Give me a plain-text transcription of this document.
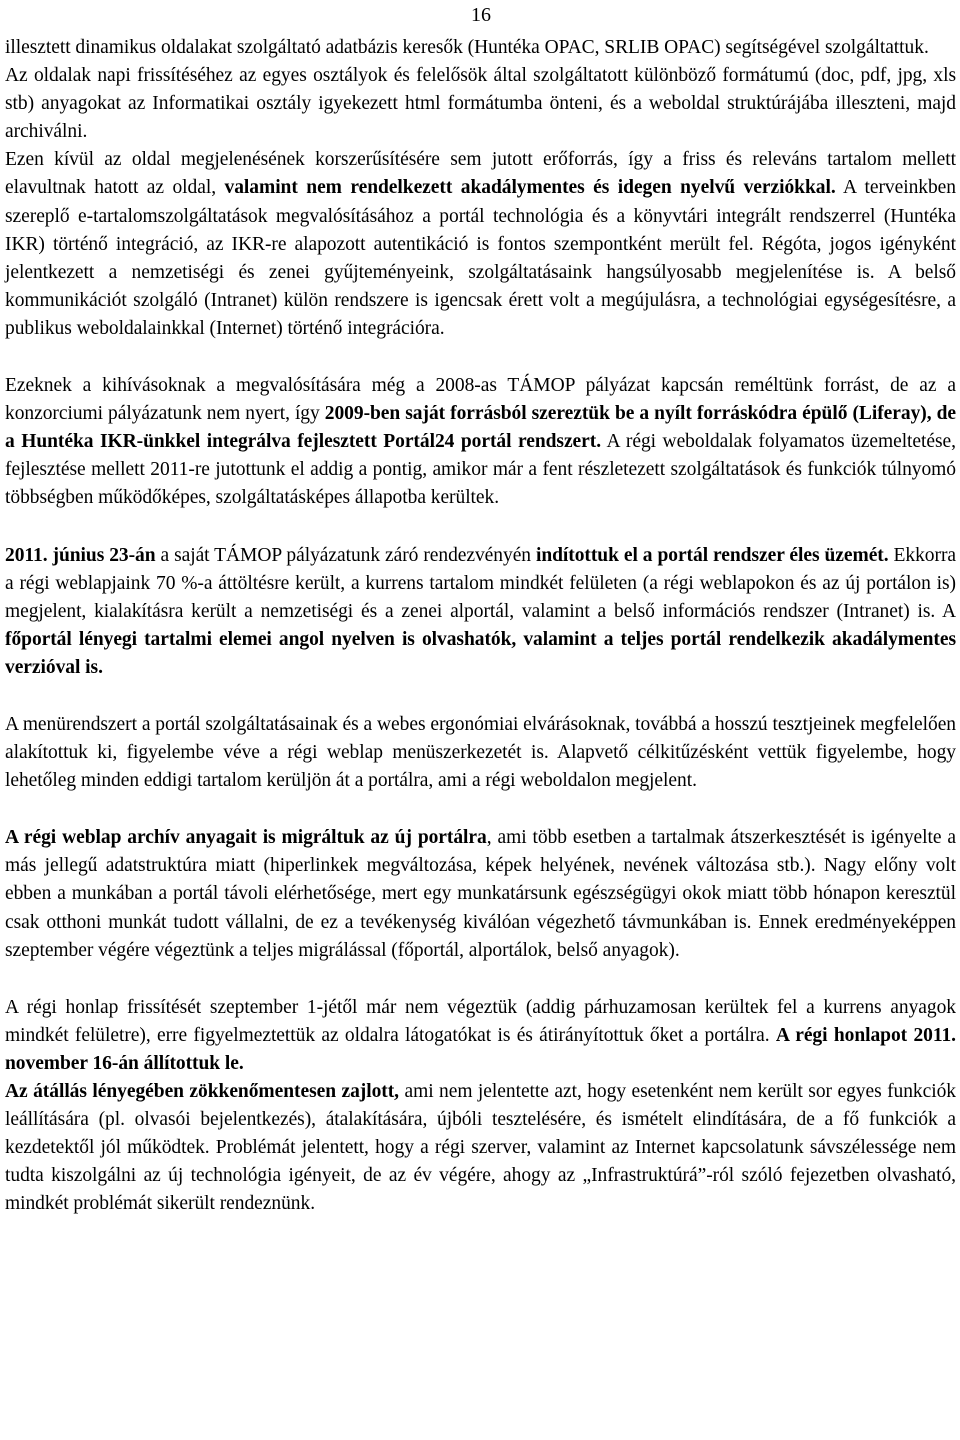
16

illesztett dinamikus oldalakat szolgáltató adatbázis keresők (Huntéka OPAC, SRLIB OPAC) segítségével szolgáltattuk.

Az oldalak napi frissítéséhez az egyes osztályok és felelősök által szolgáltatott különböző formátumú (doc, pdf, jpg, xls stb) anyagokat az Informatikai osztály igyekezett html formátumba önteni, és a weboldal struktúrájába illeszteni, majd archiválni.

Ezen kívül az oldal megjelenésének korszerűsítésére sem jutott erőforrás, így a friss és releváns tartalom mellett elavultnak hatott az oldal, valamint nem rendelkezett akadálymentes és idegen nyelvű verziókkal. A terveinkben szereplő e-tartalomszolgáltatások megvalósításához a portál technológia és a könyvtári integrált rendszerrel (Huntéka IKR) történő integráció, az IKR-re alapozott autentikáció is fontos szempontként merült fel. Régóta, jogos igényként jelentkezett a nemzetiségi és zenei gyűjteményeink, szolgáltatásaink hangsúlyosabb megjelenítése is. A belső kommunikációt szolgáló (Intranet) külön rendszere is igencsak érett volt a megújulásra, a technológiai egységesítésre, a publikus weboldalainkkal (Internet) történő integrációra.

Ezeknek a kihívásoknak a megvalósítására még a 2008-as TÁMOP pályázat kapcsán reméltünk forrást, de az a konzorciumi pályázatunk nem nyert, így 2009-ben saját forrásból szereztük be a nyílt forráskódra épülő (Liferay), de a Huntéka IKR-ünkkel integrálva fejlesztett Portál24 portál rendszert. A régi weboldalak folyamatos üzemeltetése, fejlesztése mellett 2011-re jutottunk el addig a pontig, amikor már a fent részletezett szolgáltatások és funkciók túlnyomó többségben működőképes, szolgáltatásképes állapotba kerültek.

2011. június 23-án a saját TÁMOP pályázatunk záró rendezvényén indítottuk el a portál rendszer éles üzemét. Ekkorra a régi weblapjaink 70 %-a áttöltésre került, a kurrens tartalom mindkét felületen (a régi weblapokon és az új portálon is) megjelent, kialakításra került a nemzetiségi és a zenei alportál, valamint a belső információs rendszer (Intranet) is. A főportál lényegi tartalmi elemei angol nyelven is olvashatók, valamint a teljes portál rendelkezik akadálymentes verzióval is.

A menürendszert a portál szolgáltatásainak és a webes ergonómiai elvárásoknak, továbbá a hosszú tesztjeinek megfelelően alakítottuk ki, figyelembe véve a régi weblap menüszerkezetét is. Alapvető célkitűzésként vettük figyelembe, hogy lehetőleg minden eddigi tartalom kerüljön át a portálra, ami a régi weboldalon megjelent.

A régi weblap archív anyagait is migráltuk az új portálra, ami több esetben a tartalmak átszerkesztését is igényelte a más jellegű adatstruktúra miatt (hiperlinkek megváltozása, képek helyének, nevének változása stb.). Nagy előny volt ebben a munkában a portál távoli elérhetősége, mert egy munkatársunk egészségügyi okok miatt több hónapon keresztül csak otthoni munkát tudott vállalni, de ez a tevékenység kiválóan végezhető távmunkában is. Ennek eredményeképpen szeptember végére végeztünk a teljes migrálással (főportál, alportálok, belső anyagok).

A régi honlap frissítését szeptember 1-jétől már nem végeztük (addig párhuzamosan kerültek fel a kurrens anyagok mindkét felületre), erre figyelmeztettük az oldalra látogatókat is és átirányítottuk őket a portálra. A régi honlapot 2011. november 16-án állítottuk le.

Az átállás lényegében zökkenőmentesen zajlott, ami nem jelentette azt, hogy esetenként nem került sor egyes funkciók leállítására (pl. olvasói bejelentkezés), átalakítására, újbóli tesztelésére, és ismételt elindítására, de a fő funkciók a kezdetektől jól működtek. Problémát jelentett, hogy a régi szerver, valamint az Internet kapcsolatunk sávszélessége nem tudta kiszolgálni az új technológia igényeit, de az év végére, ahogy az „Infrastruktúrá”-ról szóló fejezetben olvasható, mindkét problémát sikerült rendeznünk.
